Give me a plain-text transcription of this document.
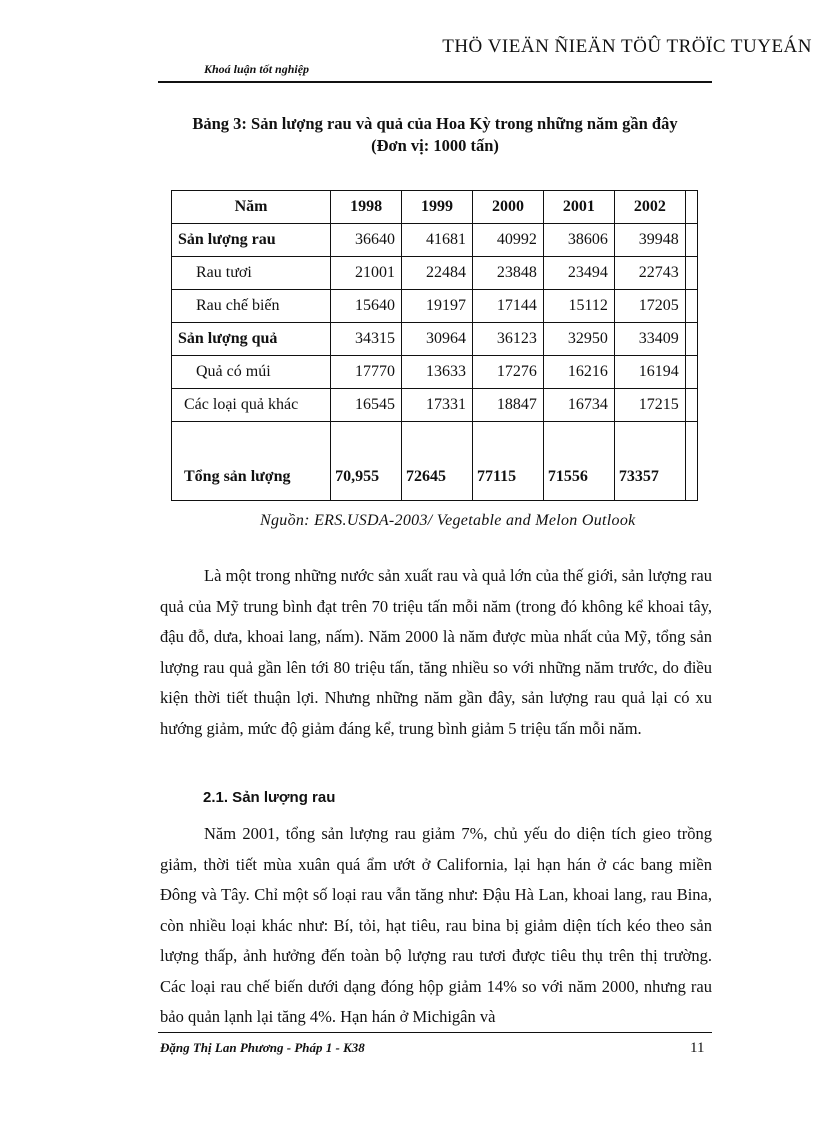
THÖ VIEÄN ÑIEÄN TÖÛ TRÖÏC TUYEÁN
Khoá luận tốt nghiệp
Bảng 3: Sản lượng rau và quả của Hoa Kỳ trong những năm gần đây
(Đơn vị: 1000 tấn)
Năm	1998	1999	2000	2001	2002	
Sản lượng rau	36640	41681	40992	38606	39948	
Rau tươi	21001	22484	23848	23494	22743	
Rau chế biến	15640	19197	17144	15112	17205	
Sản lượng quả	34315	30964	36123	32950	33409	
Quả có múi	17770	13633	17276	16216	16194	
Các loại quả khác	16545	17331	18847	16734	17215	
Tổng sản lượng	70,955	72645	77115	71556	73357	
Nguồn: ERS.USDA-2003/ Vegetable and Melon Outlook
Là một trong những nước sản xuất rau và quả lớn của thế giới, sản lượng rau quả của Mỹ trung bình đạt trên 70 triệu tấn mỗi năm (trong đó không kể khoai tây, đậu đỗ, dưa, khoai lang, nấm). Năm 2000 là năm được mùa nhất của Mỹ, tổng sản lượng rau quả gần lên tới 80 triệu tấn, tăng nhiều so với những năm trước, do điều kiện thời tiết thuận lợi. Nhưng những năm gần đây, sản lượng rau quả lại có xu hướng giảm, mức độ giảm đáng kể, trung bình giảm 5 triệu tấn mỗi năm.
2.1. Sản lượng rau
Năm 2001, tổng sản lượng rau giảm 7%, chủ yếu do diện tích gieo trồng giảm, thời tiết mùa xuân quá ẩm ướt ở California, lại hạn hán ở các bang miền Đông và Tây. Chỉ một số loại rau vẫn tăng như: Đậu Hà Lan, khoai lang, rau Bina, còn nhiều loại khác như: Bí, tỏi, hạt tiêu, rau bina bị giảm diện tích kéo theo sản lượng thấp, ảnh hưởng đến toàn bộ lượng rau tươi được tiêu thụ trên thị trường. Các loại rau chế biến dưới dạng đóng hộp giảm 14% so với năm 2000, nhưng rau bảo quản lạnh lại tăng 4%. Hạn hán ở Michigân và
Đặng Thị Lan Phương - Pháp 1 - K38	11
